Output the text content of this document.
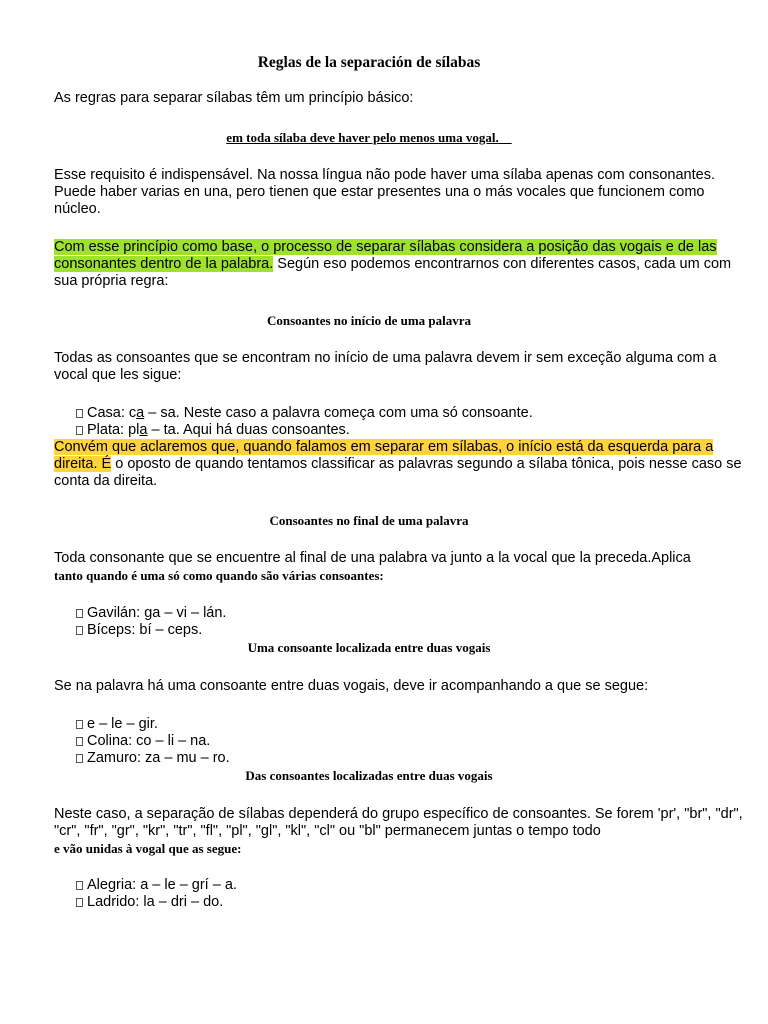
Reglas de la separación de sílabas
As regras para separar sílabas têm um princípio básico:
em toda sílaba deve haver pelo menos uma vogal.
Esse requisito é indispensável. Na nossa língua não pode haver uma sílaba apenas com consonantes. Puede haber varias en una, pero tienen que estar presentes una o más vocales que funcionem como núcleo.
Com esse princípio como base, o processo de separar sílabas considera a posição das vogais e de las consonantes dentro de la palabra. Según eso podemos encontrarnos con diferentes casos, cada um com sua própria regra:
Consoantes no início de uma palavra
Todas as consoantes que se encontram no início de uma palavra devem ir sem exceção alguma com a vocal que les sigue:
Casa: ca – sa. Neste caso a palavra começa com uma só consoante.
Plata: pla – ta. Aqui há duas consoantes.
Convém que aclaremos que, quando falamos em separar em sílabas, o início está da esquerda para a direita. É o oposto de quando tentamos classificar as palavras segundo a sílaba tônica, pois nesse caso se conta da direita.
Consoantes no final de uma palavra
Toda consonante que se encuentre al final de una palabra va junto a la vocal que la preceda.Aplica
tanto quando é uma só como quando são várias consoantes:
Gavilán: ga – vi – lán.
Bíceps: bí – ceps.
Uma consoante localizada entre duas vogais
Se na palavra há uma consoante entre duas vogais, deve ir acompanhando a que se segue:
e – le – gir.
Colina: co – li – na.
Zamuro: za – mu – ro.
Das consoantes localizadas entre duas vogais
Neste caso, a separação de sílabas dependerá do grupo específico de consoantes. Se forem 'pr', "br", "dr", "cr", "fr", "gr", "kr", "tr", "fl", "pl", "gl", "kl", "cl" ou "bl" permanecem juntas o tempo todo
e vão unidas à vogal que as segue:
Alegria: a – le – grí – a.
Ladrido: la – dri – do.
